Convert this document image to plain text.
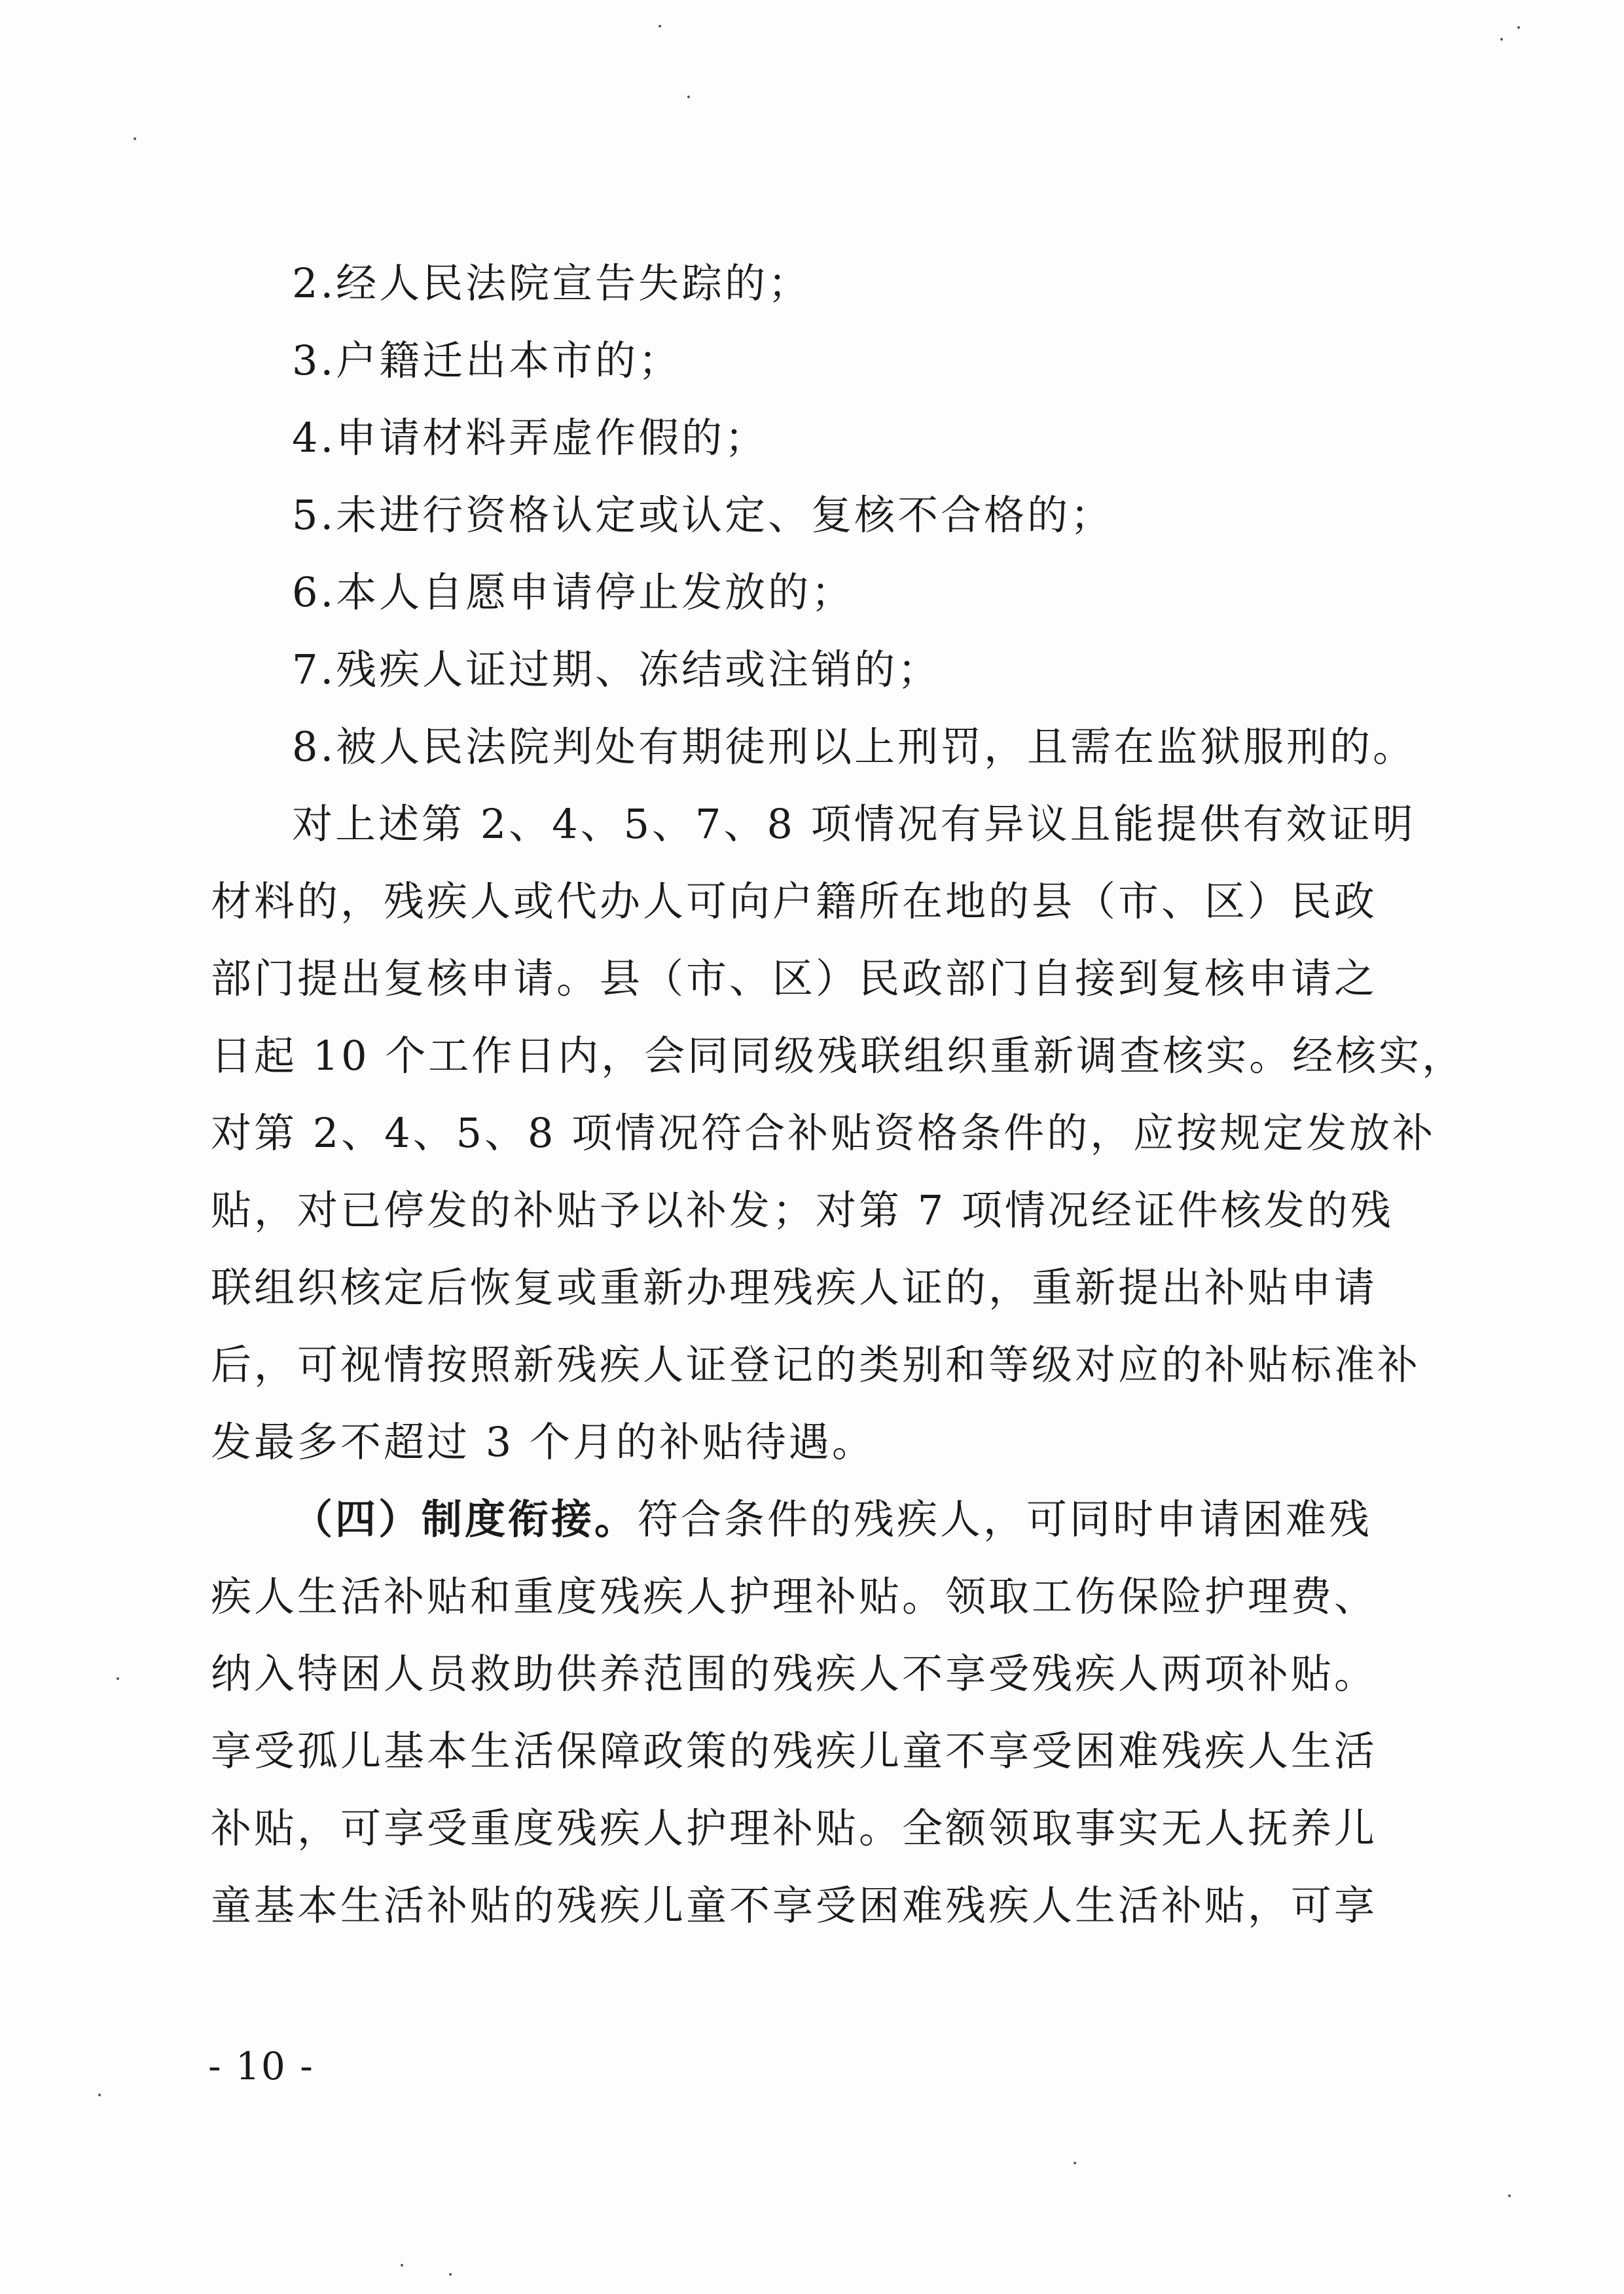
2.经人民法院宣告失踪的；
3.户籍迁出本市的；
4.申请材料弄虚作假的；
5.未进行资格认定或认定、复核不合格的；
6.本人自愿申请停止发放的；
7.残疾人证过期、冻结或注销的；
8.被人民法院判处有期徒刑以上刑罚，且需在监狱服刑的。
对上述第 2、4、5、7、8 项情况有异议且能提供有效证明
材料的，残疾人或代办人可向户籍所在地的县（市、区）民政
部门提出复核申请。县（市、区）民政部门自接到复核申请之
日起 10 个工作日内，会同同级残联组织重新调查核实。经核实，
对第 2、4、5、8 项情况符合补贴资格条件的，应按规定发放补
贴，对已停发的补贴予以补发；对第 7 项情况经证件核发的残
联组织核定后恢复或重新办理残疾人证的，重新提出补贴申请
后，可视情按照新残疾人证登记的类别和等级对应的补贴标准补
发最多不超过 3 个月的补贴待遇。
（四）制度衔接。符合条件的残疾人，可同时申请困难残
疾人生活补贴和重度残疾人护理补贴。领取工伤保险护理费、
纳入特困人员救助供养范围的残疾人不享受残疾人两项补贴。
享受孤儿基本生活保障政策的残疾儿童不享受困难残疾人生活
补贴，可享受重度残疾人护理补贴。全额领取事实无人抚养儿
童基本生活补贴的残疾儿童不享受困难残疾人生活补贴，可享
- 10 -
